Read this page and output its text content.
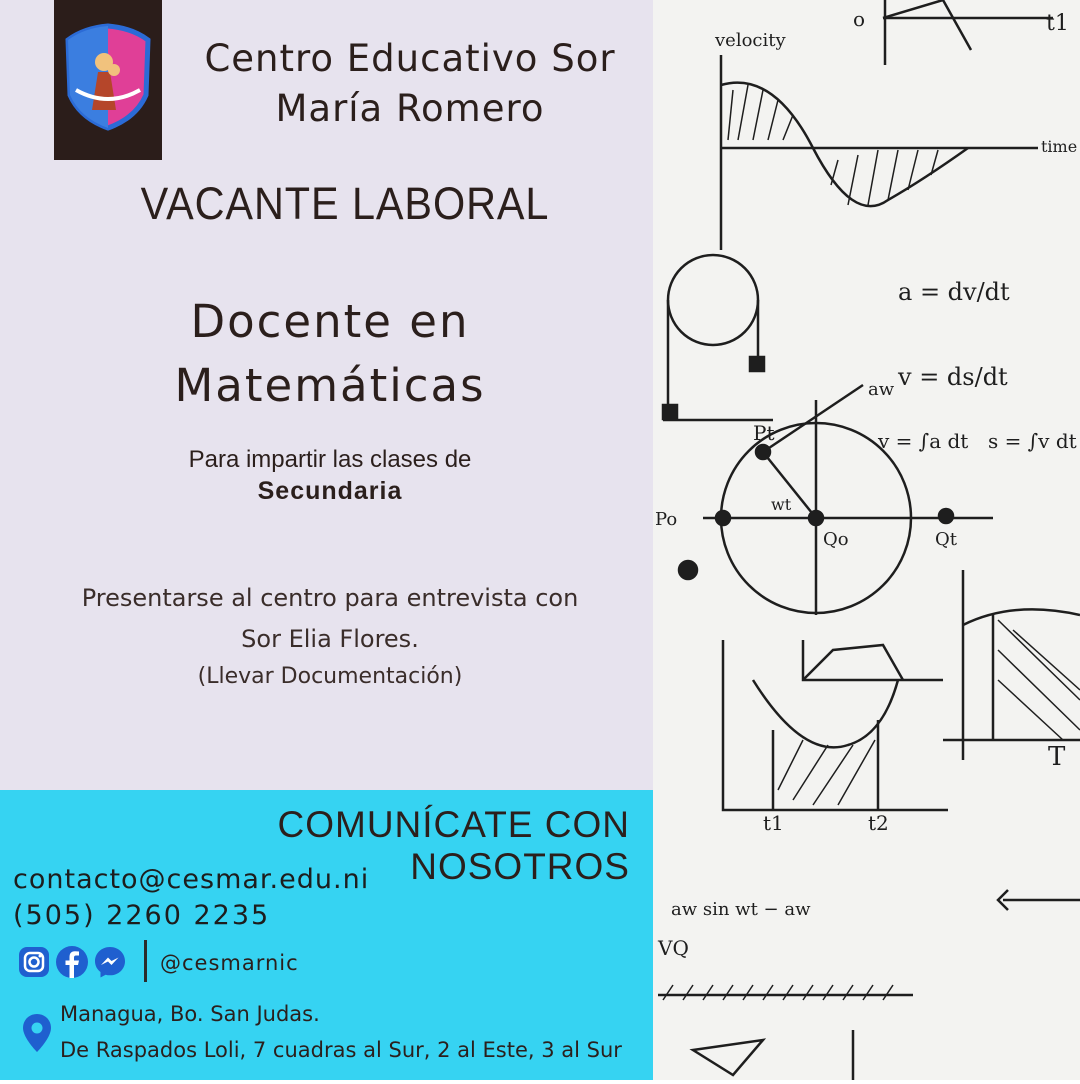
Centro Educativo Sor
María Romero
VACANTE LABORAL
Docente en
Matemáticas
Para impartir las clases de
Secundaria
Presentarse al centro para entrevista con
Sor Elia Flores.
(Llevar Documentación)
COMUNÍCATE CON NOSOTROS
contacto@cesmar.edu.ni
(505) 2260 2235
@cesmarnic
Managua, Bo. San Judas.
De Raspados Loli, 7 cuadras al Sur, 2 al Este, 3 al Sur
o	t1
velocity
time
a = dv/dt
v = ds/dt
v = ∫a dt s = ∫v dt
Pt
Po
Qo	Qt
aw
wt
t1	t2
T
aw sin wt − aw
VQ
